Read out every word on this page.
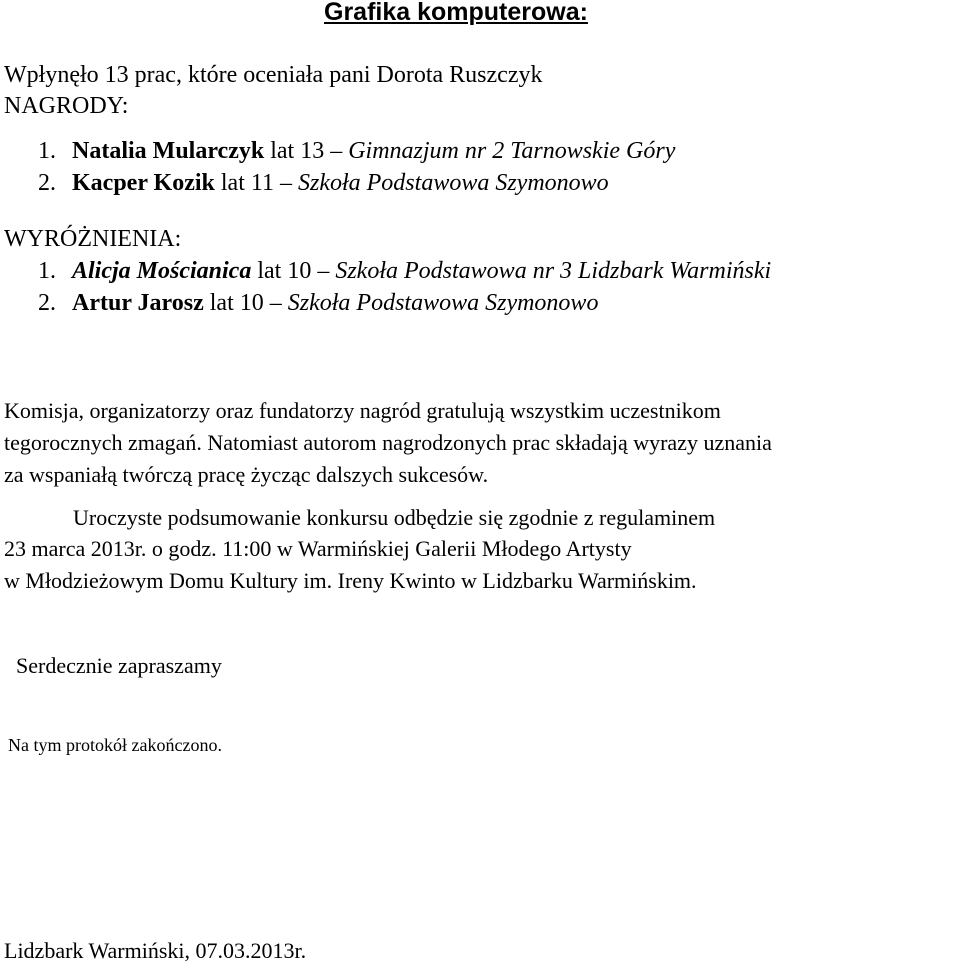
Grafika komputerowa:

Wpłynęło 13 prac, które oceniała pani Dorota Ruszczyk

NAGRODY:

1. Natalia Mularczyk lat 13 – Gimnazjum nr 2 Tarnowskie Góry
2. Kacper Kozik lat 11 – Szkoła Podstawowa Szymonowo

WYRÓŻNIENIA:

1. Alicja Mościanica lat 10 – Szkoła Podstawowa nr 3 Lidzbark Warmiński
2. Artur Jarosz lat 10 – Szkoła Podstawowa Szymonowo

Komisja, organizatorzy oraz fundatorzy nagród gratulują wszystkim uczestnikom

tegorocznych zmagań. Natomiast autorom nagrodzonych prac składają wyrazy uznania

za wspaniałą twórczą pracę życząc dalszych sukcesów.

Uroczyste podsumowanie konkursu odbędzie się zgodnie z regulaminem

23 marca 2013r. o godz. 11:00 w Warmińskiej Galerii Młodego Artysty

w Młodzieżowym Domu Kultury im. Ireny Kwinto w Lidzbarku Warmińskim.

Serdecznie zapraszamy

Na tym protokół zakończono.

Lidzbark Warmiński, 07.03.2013r.
